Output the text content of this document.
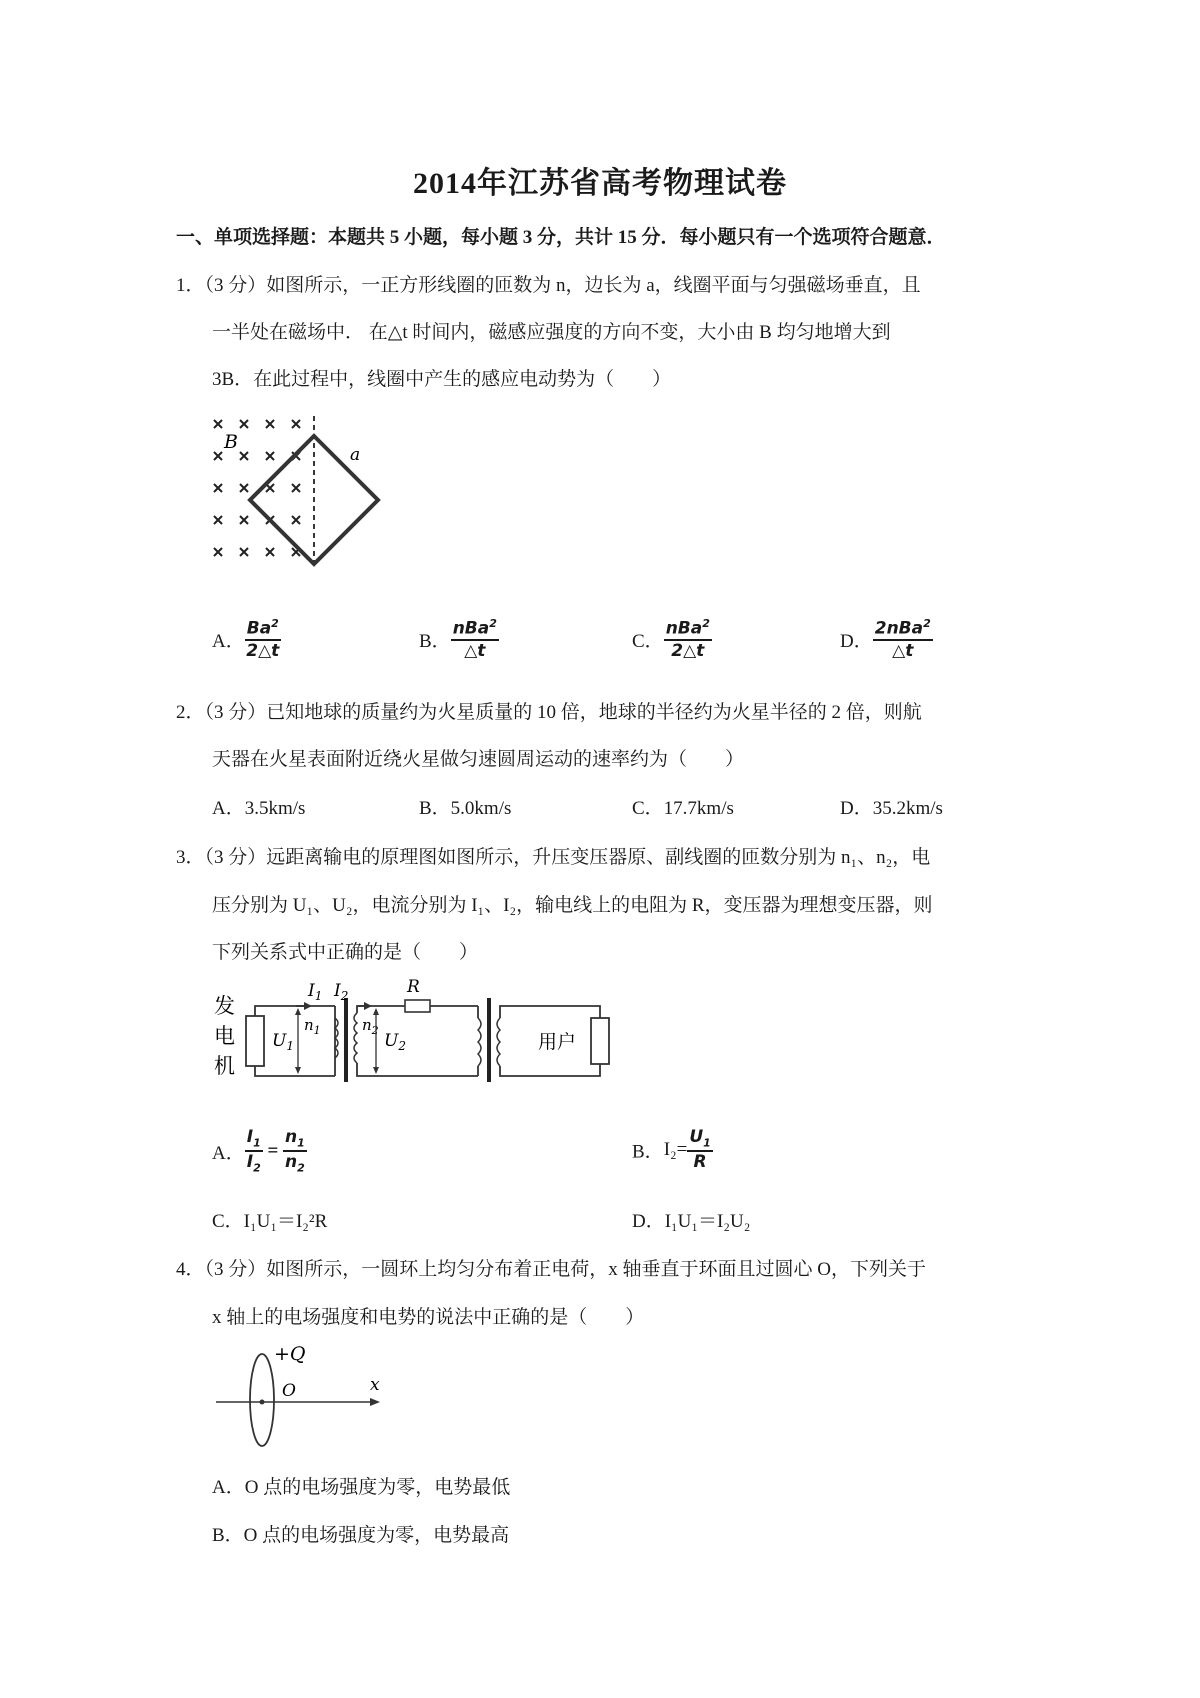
2014年江苏省高考物理试卷
一、单项选择题：本题共 5 小题，每小题 3 分，共计 15 分．每小题只有一个选项符合题意．
1．（3 分）如图所示，一正方形线圈的匝数为 n，边长为 a，线圈平面与匀强磁场垂直，且
一半处在磁场中． 在△t 时间内，磁感应强度的方向不变，大小由 B 均匀地增大到
3B．在此过程中，线圈中产生的感应电动势为（　　）
B
a
A． $\frac{Ba^2}{2\triangle t}$	B． $\frac{nBa^2}{\triangle t}$	C． $\frac{nBa^2}{2\triangle t}$	D． $\frac{2nBa^2}{\triangle t}$
2．（3 分）已知地球的质量约为火星质量的 10 倍，地球的半径约为火星半径的 2 倍，则航
天器在火星表面附近绕火星做匀速圆周运动的速率约为（　　）
A．3.5km/s	B．5.0km/s	C．17.7km/s	D．35.2km/s
3．（3 分）远距离输电的原理图如图所示，升压变压器原、副线圈的匝数分别为 n₁、n₂，电
压分别为 U₁、U₂，电流分别为 I₁、I₂，输电线上的电阻为 R，变压器为理想变压器，则
下列关系式中正确的是（　　）
发
电
机
$I_1$
$U_1$
$n_1$
$I_2$
$n_2$
$U_2$
R
用户
A． $\frac{I_1}{I_2} = \frac{n_1}{n_2}$	B．$I_2= \frac{U_1}{R}$
C．I₁U₁＝I₂²R	D．I₁U₁＝I₂U₂
4．（3 分）如图所示，一圆环上均匀分布着正电荷，x 轴垂直于环面且过圆心 O，下列关于
x 轴上的电场强度和电势的说法中正确的是（　　）
+Q
O	x
A．O 点的电场强度为零，电势最低
B．O 点的电场强度为零，电势最高
